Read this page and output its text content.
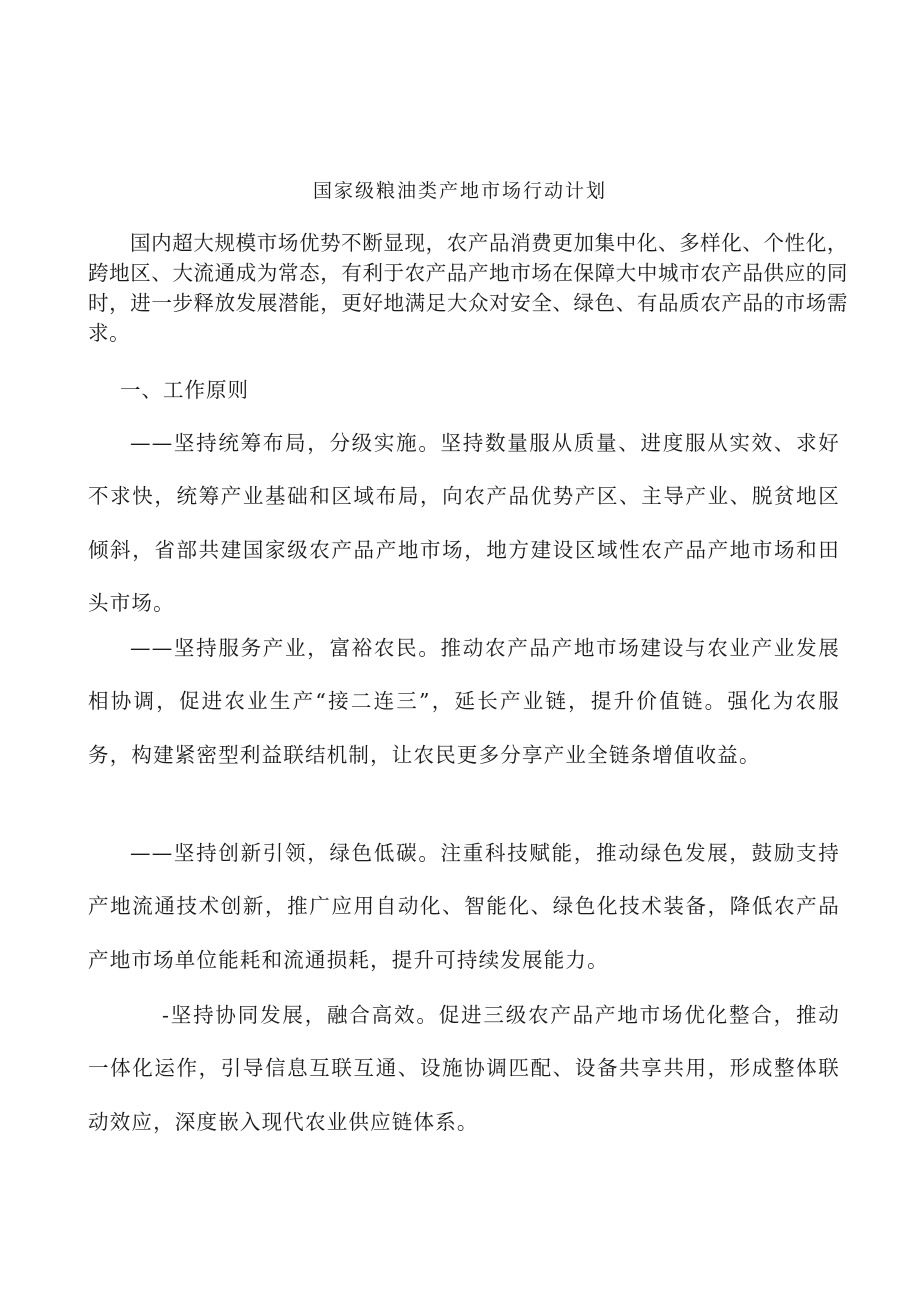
国家级粮油类产地市场行动计划

国内超大规模市场优势不断显现，农产品消费更加集中化、多样化、个性化，跨地区、大流通成为常态，有利于农产品产地市场在保障大中城市农产品供应的同时，进一步释放发展潜能，更好地满足大众对安全、绿色、有品质农产品的市场需求。

一、工作原则

——坚持统筹布局，分级实施。坚持数量服从质量、进度服从实效、求好不求快，统筹产业基础和区域布局，向农产品优势产区、主导产业、脱贫地区倾斜，省部共建国家级农产品产地市场，地方建设区域性农产品产地市场和田头市场。

——坚持服务产业，富裕农民。推动农产品产地市场建设与农业产业发展相协调，促进农业生产“接二连三”，延长产业链，提升价值链。强化为农服务，构建紧密型利益联结机制，让农民更多分享产业全链条增值收益。

——坚持创新引领，绿色低碳。注重科技赋能，推动绿色发展，鼓励支持产地流通技术创新，推广应用自动化、智能化、绿色化技术装备，降低农产品产地市场单位能耗和流通损耗，提升可持续发展能力。

-坚持协同发展，融合高效。促进三级农产品产地市场优化整合，推动一体化运作，引导信息互联互通、设施协调匹配、设备共享共用，形成整体联动效应，深度嵌入现代农业供应链体系。
